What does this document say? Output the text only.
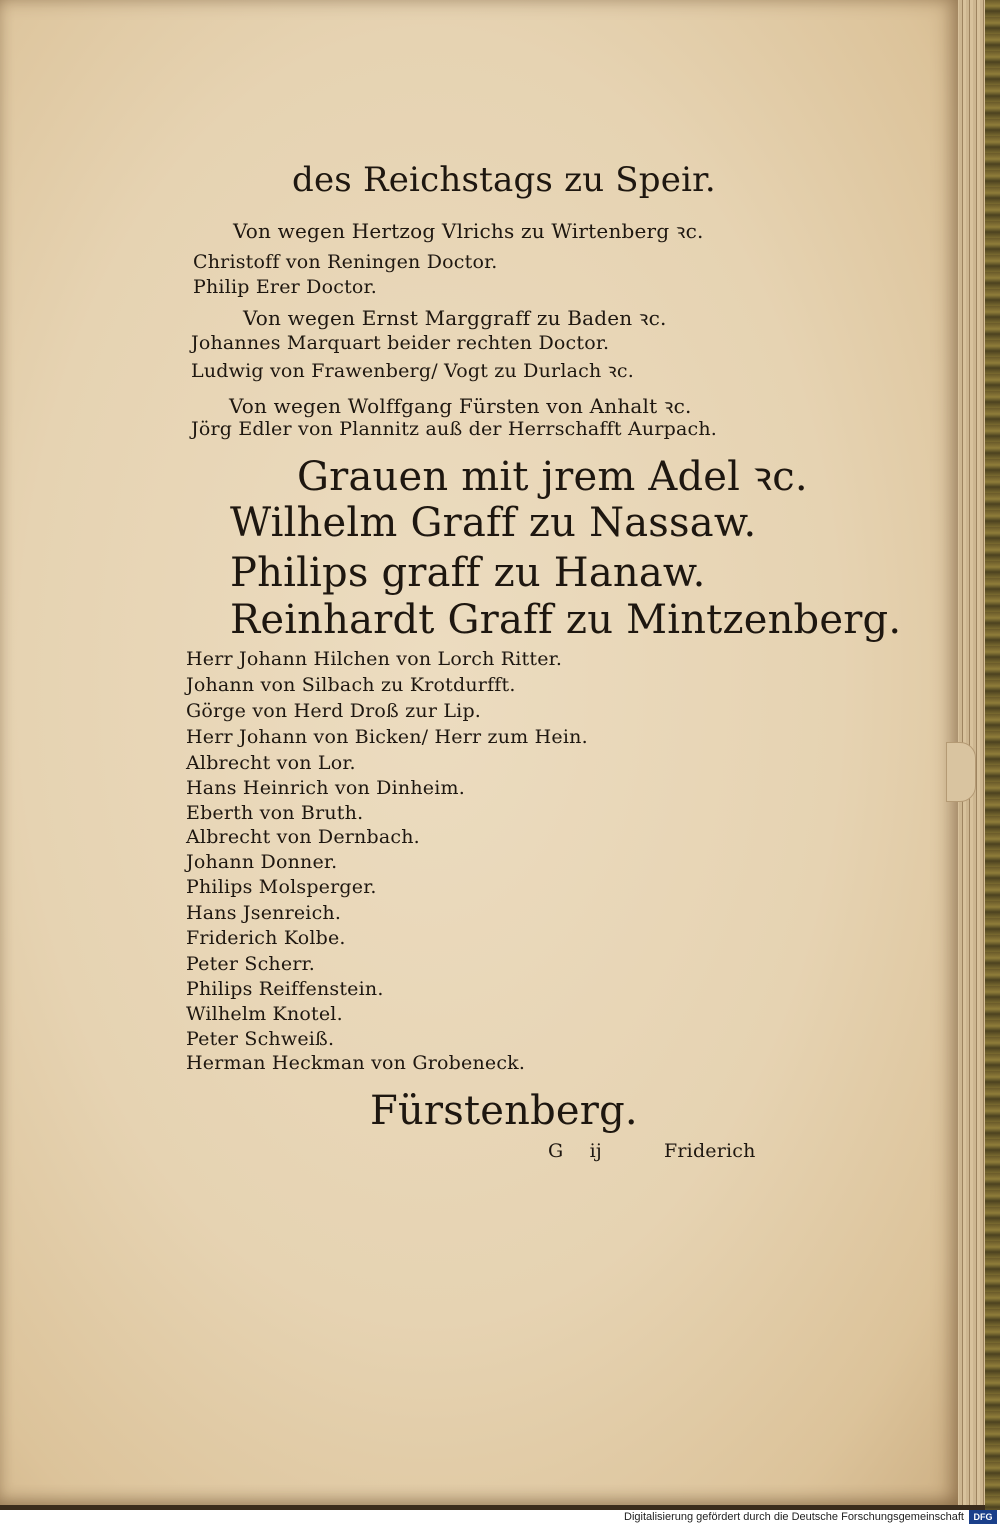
des Reichstags zu Speir.
Von wegen Hertzog Vlrichs zu Wirtenberg ꝛc.
Christoff von Reningen Doctor.
Philip Erer Doctor.
Von wegen Ernst Marggraff zu Baden ꝛc.
Johannes Marquart beider rechten Doctor.
Ludwig von Frawenberg/ Vogt zu Durlach ꝛc.
Von wegen Wolffgang Fürsten von Anhalt ꝛc.
Jörg Edler von Plannitz auß der Herrschafft Aurpach.
Grauen mit jrem Adel ꝛc.
Wilhelm Graff zu Nassaw.
Philips graff zu Hanaw.
Reinhardt Graff zu Mintzenberg.
Herr Johann Hilchen von Lorch Ritter.
Johann von Silbach zu Krotdurfft.
Görge von Herd Droß zur Lip.
Herr Johann von Bicken/ Herr zum Hein.
Albrecht von Lor.
Hans Heinrich von Dinheim.
Eberth von Bruth.
Albrecht von Dernbach.
Johann Donner.
Philips Molsperger.
Hans Jsenreich.
Friderich Kolbe.
Peter Scherr.
Philips Reiffenstein.
Wilhelm Knotel.
Peter Schweiß.
Herman Heckman von Grobeneck.
Fürstenberg.
G ij	Friderich
Digitalisierung gefördert durch die Deutsche Forschungsgemeinschaft	DFG
